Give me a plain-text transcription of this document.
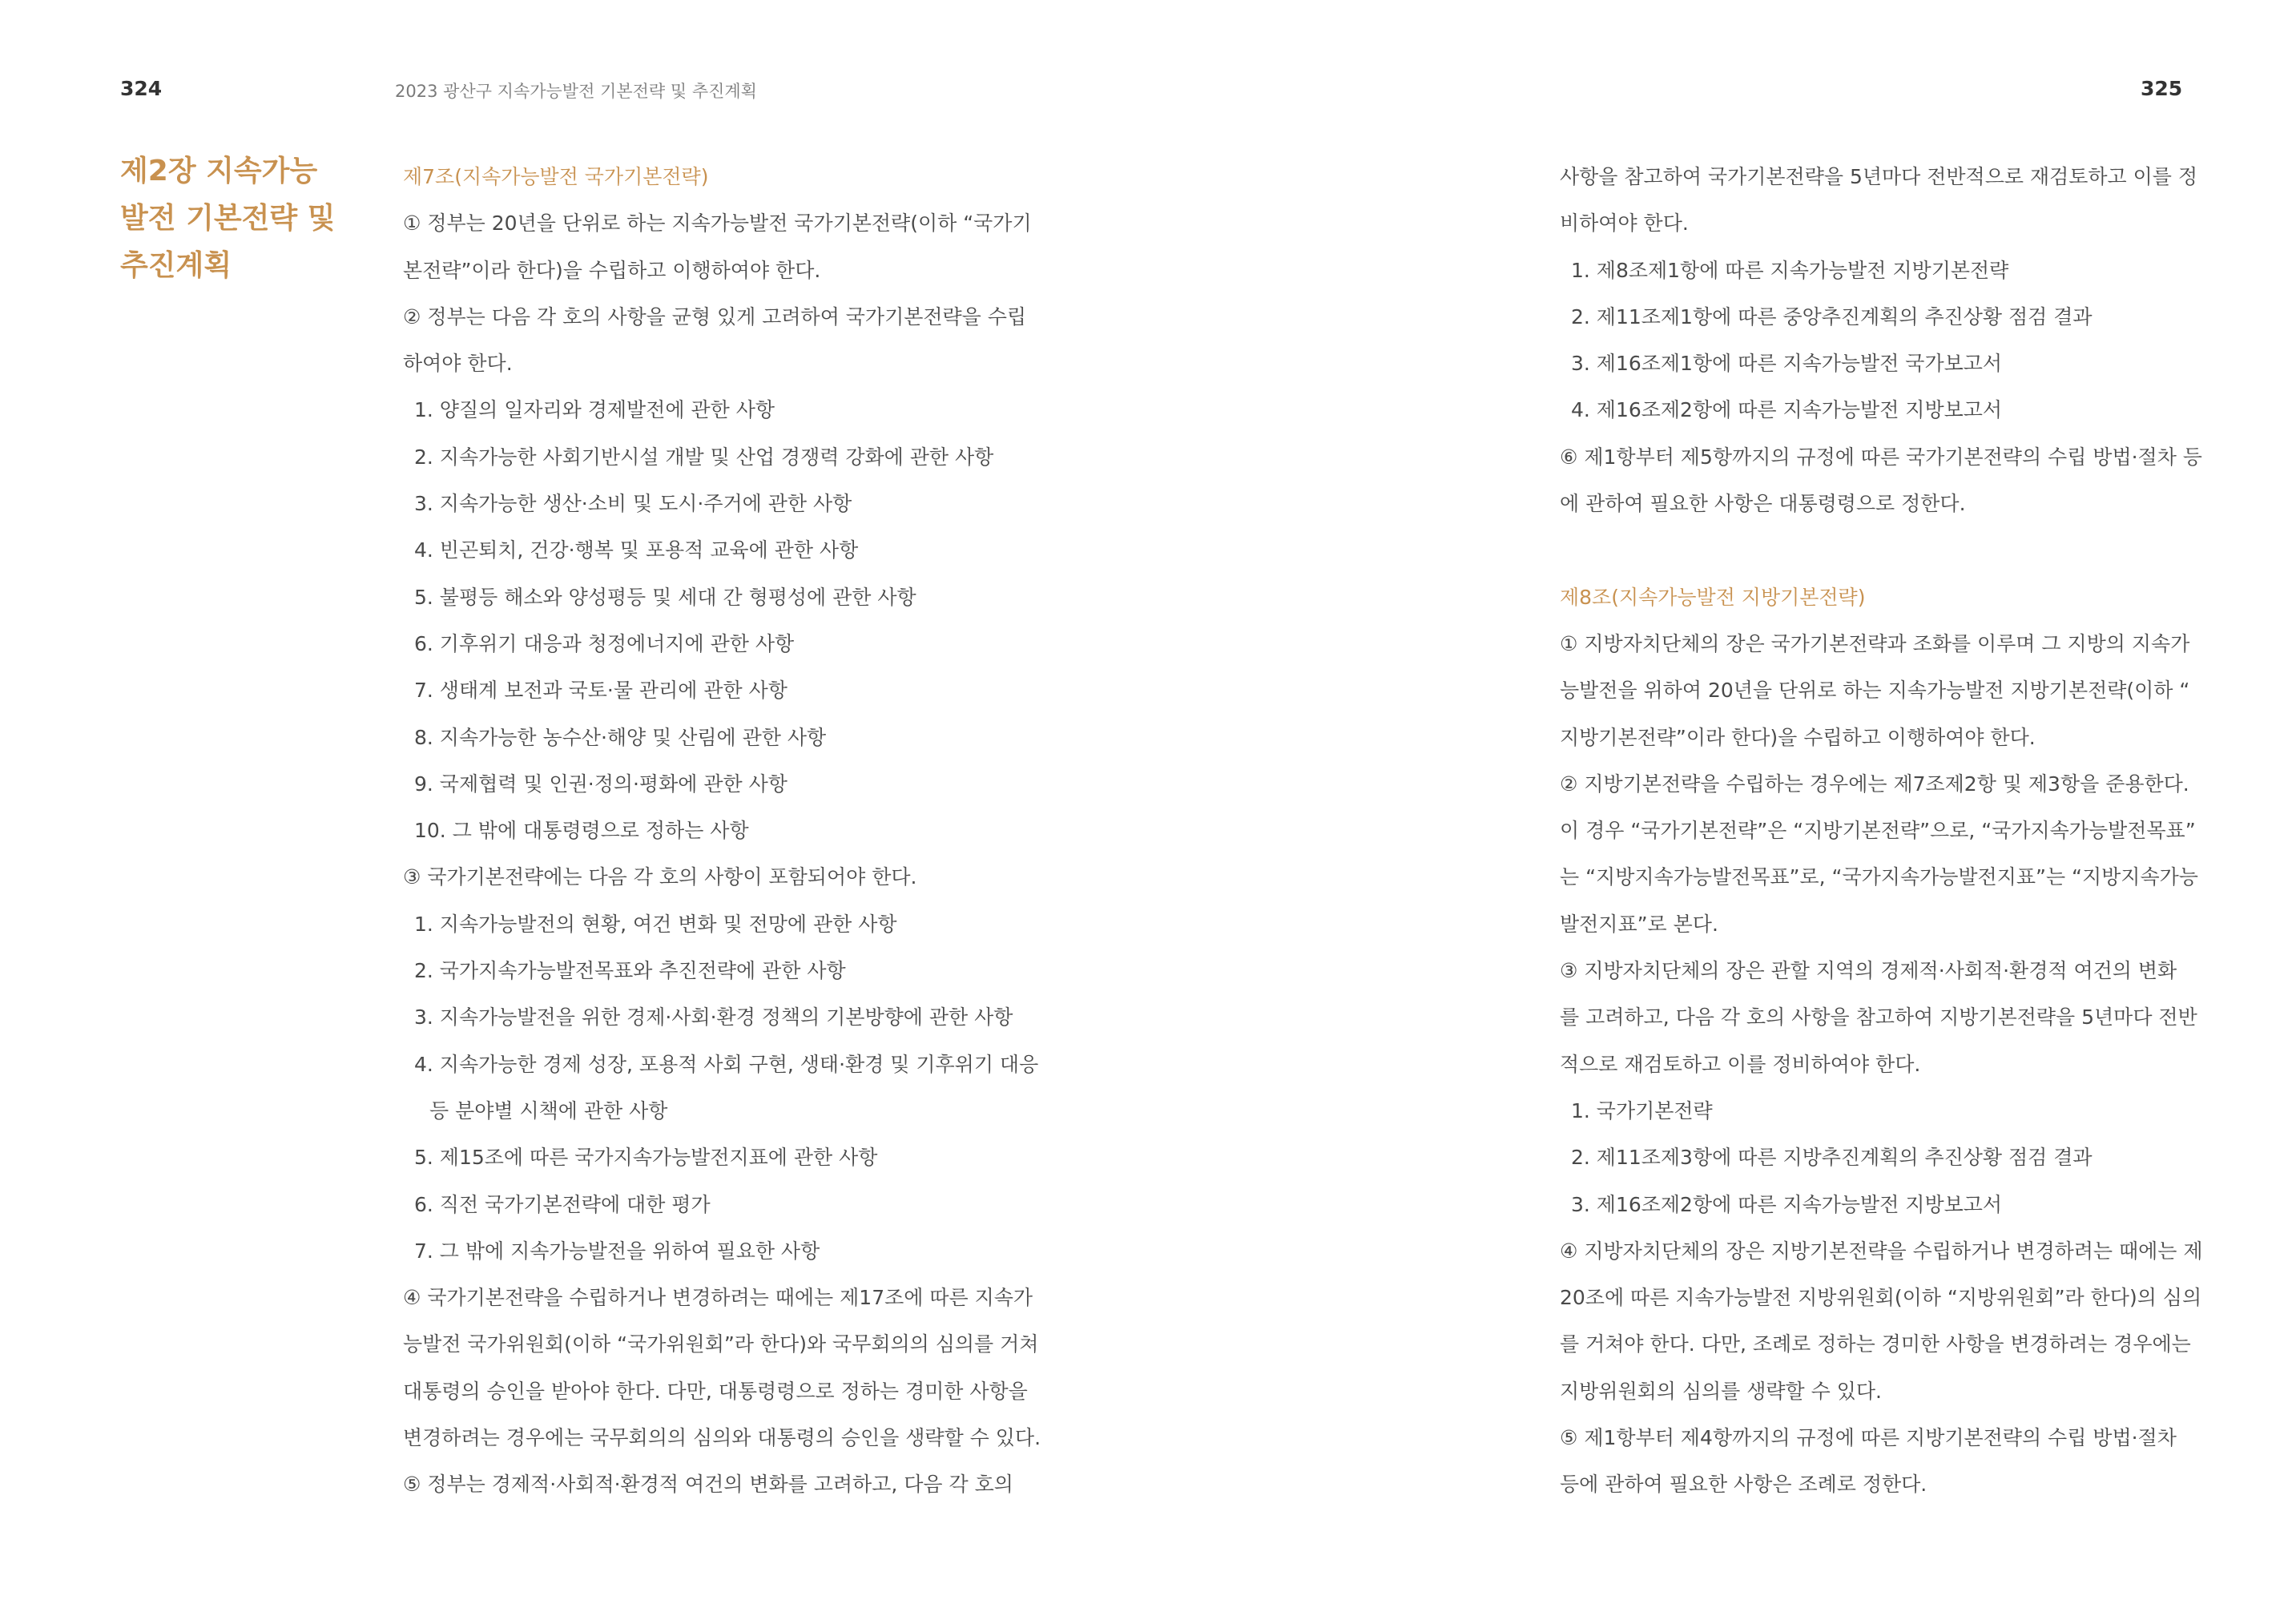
324	2023 광산구 지속가능발전 기본전략 및 추진계획	325
제2장 지속가능
발전 기본전략 및
추진계획
제7조(지속가능발전 국가기본전략)
① 정부는 20년을 단위로 하는 지속가능발전 국가기본전략(이하 “국가기
본전략”이라 한다)을 수립하고 이행하여야 한다.
② 정부는 다음 각 호의 사항을 균형 있게 고려하여 국가기본전략을 수립
하여야 한다.
1. 양질의 일자리와 경제발전에 관한 사항
2. 지속가능한 사회기반시설 개발 및 산업 경쟁력 강화에 관한 사항
3. 지속가능한 생산·소비 및 도시·주거에 관한 사항
4. 빈곤퇴치, 건강·행복 및 포용적 교육에 관한 사항
5. 불평등 해소와 양성평등 및 세대 간 형평성에 관한 사항
6. 기후위기 대응과 청정에너지에 관한 사항
7. 생태계 보전과 국토·물 관리에 관한 사항
8. 지속가능한 농수산·해양 및 산림에 관한 사항
9. 국제협력 및 인권·정의·평화에 관한 사항
10. 그 밖에 대통령령으로 정하는 사항
③ 국가기본전략에는 다음 각 호의 사항이 포함되어야 한다.
1. 지속가능발전의 현황, 여건 변화 및 전망에 관한 사항
2. 국가지속가능발전목표와 추진전략에 관한 사항
3. 지속가능발전을 위한 경제·사회·환경 정책의 기본방향에 관한 사항
4. 지속가능한 경제 성장, 포용적 사회 구현, 생태·환경 및 기후위기 대응
등 분야별 시책에 관한 사항
5. 제15조에 따른 국가지속가능발전지표에 관한 사항
6. 직전 국가기본전략에 대한 평가
7. 그 밖에 지속가능발전을 위하여 필요한 사항
④ 국가기본전략을 수립하거나 변경하려는 때에는 제17조에 따른 지속가
능발전 국가위원회(이하 “국가위원회”라 한다)와 국무회의의 심의를 거쳐
대통령의 승인을 받아야 한다. 다만, 대통령령으로 정하는 경미한 사항을
변경하려는 경우에는 국무회의의 심의와 대통령의 승인을 생략할 수 있다.
⑤ 정부는 경제적·사회적·환경적 여건의 변화를 고려하고, 다음 각 호의
사항을 참고하여 국가기본전략을 5년마다 전반적으로 재검토하고 이를 정
비하여야 한다.
1. 제8조제1항에 따른 지속가능발전 지방기본전략
2. 제11조제1항에 따른 중앙추진계획의 추진상황 점검 결과
3. 제16조제1항에 따른 지속가능발전 국가보고서
4. 제16조제2항에 따른 지속가능발전 지방보고서
⑥ 제1항부터 제5항까지의 규정에 따른 국가기본전략의 수립 방법·절차 등
에 관하여 필요한 사항은 대통령령으로 정한다.
제8조(지속가능발전 지방기본전략)
① 지방자치단체의 장은 국가기본전략과 조화를 이루며 그 지방의 지속가
능발전을 위하여 20년을 단위로 하는 지속가능발전 지방기본전략(이하 “
지방기본전략”이라 한다)을 수립하고 이행하여야 한다.
② 지방기본전략을 수립하는 경우에는 제7조제2항 및 제3항을 준용한다.
이 경우 “국가기본전략”은 “지방기본전략”으로, “국가지속가능발전목표”
는 “지방지속가능발전목표”로, “국가지속가능발전지표”는 “지방지속가능
발전지표”로 본다.
③ 지방자치단체의 장은 관할 지역의 경제적·사회적·환경적 여건의 변화
를 고려하고, 다음 각 호의 사항을 참고하여 지방기본전략을 5년마다 전반
적으로 재검토하고 이를 정비하여야 한다.
1. 국가기본전략
2. 제11조제3항에 따른 지방추진계획의 추진상황 점검 결과
3. 제16조제2항에 따른 지속가능발전 지방보고서
④ 지방자치단체의 장은 지방기본전략을 수립하거나 변경하려는 때에는 제
20조에 따른 지속가능발전 지방위원회(이하 “지방위원회”라 한다)의 심의
를 거쳐야 한다. 다만, 조례로 정하는 경미한 사항을 변경하려는 경우에는
지방위원회의 심의를 생략할 수 있다.
⑤ 제1항부터 제4항까지의 규정에 따른 지방기본전략의 수립 방법·절차
등에 관하여 필요한 사항은 조례로 정한다.
